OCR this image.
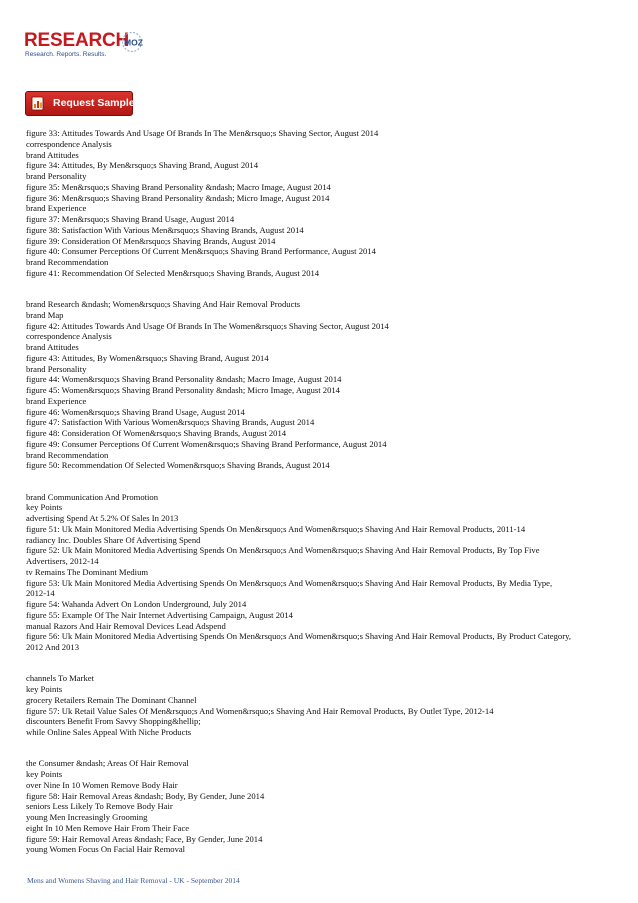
RESEARCH
MOZ
Research. Reports. Results.
Request Sample
figure 33: Attitudes Towards And Usage Of Brands In The Men&rsquo;s Shaving Sector, August 2014
correspondence Analysis
brand Attitudes
figure 34: Attitudes, By Men&rsquo;s Shaving Brand, August 2014
brand Personality
figure 35: Men&rsquo;s Shaving Brand Personality &ndash; Macro Image, August 2014
figure 36: Men&rsquo;s Shaving Brand Personality &ndash; Micro Image, August 2014
brand Experience
figure 37: Men&rsquo;s Shaving Brand Usage, August 2014
figure 38: Satisfaction With Various Men&rsquo;s Shaving Brands, August 2014
figure 39: Consideration Of Men&rsquo;s Shaving Brands, August 2014
figure 40: Consumer Perceptions Of Current Men&rsquo;s Shaving Brand Performance, August 2014
brand Recommendation
figure 41: Recommendation Of Selected Men&rsquo;s Shaving Brands, August 2014
brand Research &ndash; Women&rsquo;s Shaving And Hair Removal Products
brand Map
figure 42: Attitudes Towards And Usage Of Brands In The Women&rsquo;s Shaving Sector, August 2014
correspondence Analysis
brand Attitudes
figure 43: Attitudes, By Women&rsquo;s Shaving Brand, August 2014
brand Personality
figure 44: Women&rsquo;s Shaving Brand Personality &ndash; Macro Image, August 2014
figure 45: Women&rsquo;s Shaving Brand Personality &ndash; Micro Image, August 2014
brand Experience
figure 46: Women&rsquo;s Shaving Brand Usage, August 2014
figure 47: Satisfaction With Various Women&rsquo;s Shaving Brands, August 2014
figure 48: Consideration Of Women&rsquo;s Shaving Brands, August 2014
figure 49: Consumer Perceptions Of Current Women&rsquo;s Shaving Brand Performance, August 2014
brand Recommendation
figure 50: Recommendation Of Selected Women&rsquo;s Shaving Brands, August 2014
brand Communication And Promotion
key Points
advertising Spend At 5.2% Of Sales In 2013
figure 51: Uk Main Monitored Media Advertising Spends On Men&rsquo;s And Women&rsquo;s Shaving And Hair Removal Products, 2011-14
radiancy Inc. Doubles Share Of Advertising Spend
figure 52: Uk Main Monitored Media Advertising Spends On Men&rsquo;s And Women&rsquo;s Shaving And Hair Removal Products, By Top Five
Advertisers, 2012-14
tv Remains The Dominant Medium
figure 53: Uk Main Monitored Media Advertising Spends On Men&rsquo;s And Women&rsquo;s Shaving And Hair Removal Products, By Media Type,
2012-14
figure 54: Wahanda Advert On London Underground, July 2014
figure 55: Example Of The Nair Internet Advertising Campaign, August 2014
manual Razors And Hair Removal Devices Lead Adspend
figure 56: Uk Main Monitored Media Advertising Spends On Men&rsquo;s And Women&rsquo;s Shaving And Hair Removal Products, By Product Category,
2012 And 2013
channels To Market
key Points
grocery Retailers Remain The Dominant Channel
figure 57: Uk Retail Value Sales Of Men&rsquo;s And Women&rsquo;s Shaving And Hair Removal Products, By Outlet Type, 2012-14
discounters Benefit From Savvy Shopping&hellip;
while Online Sales Appeal With Niche Products
the Consumer &ndash; Areas Of Hair Removal
key Points
over Nine In 10 Women Remove Body Hair
figure 58: Hair Removal Areas &ndash; Body, By Gender, June 2014
seniors Less Likely To Remove Body Hair
young Men Increasingly Grooming
eight In 10 Men Remove Hair From Their Face
figure 59: Hair Removal Areas &ndash; Face, By Gender, June 2014
young Women Focus On Facial Hair Removal
Mens and Womens Shaving and Hair Removal - UK - September 2014
